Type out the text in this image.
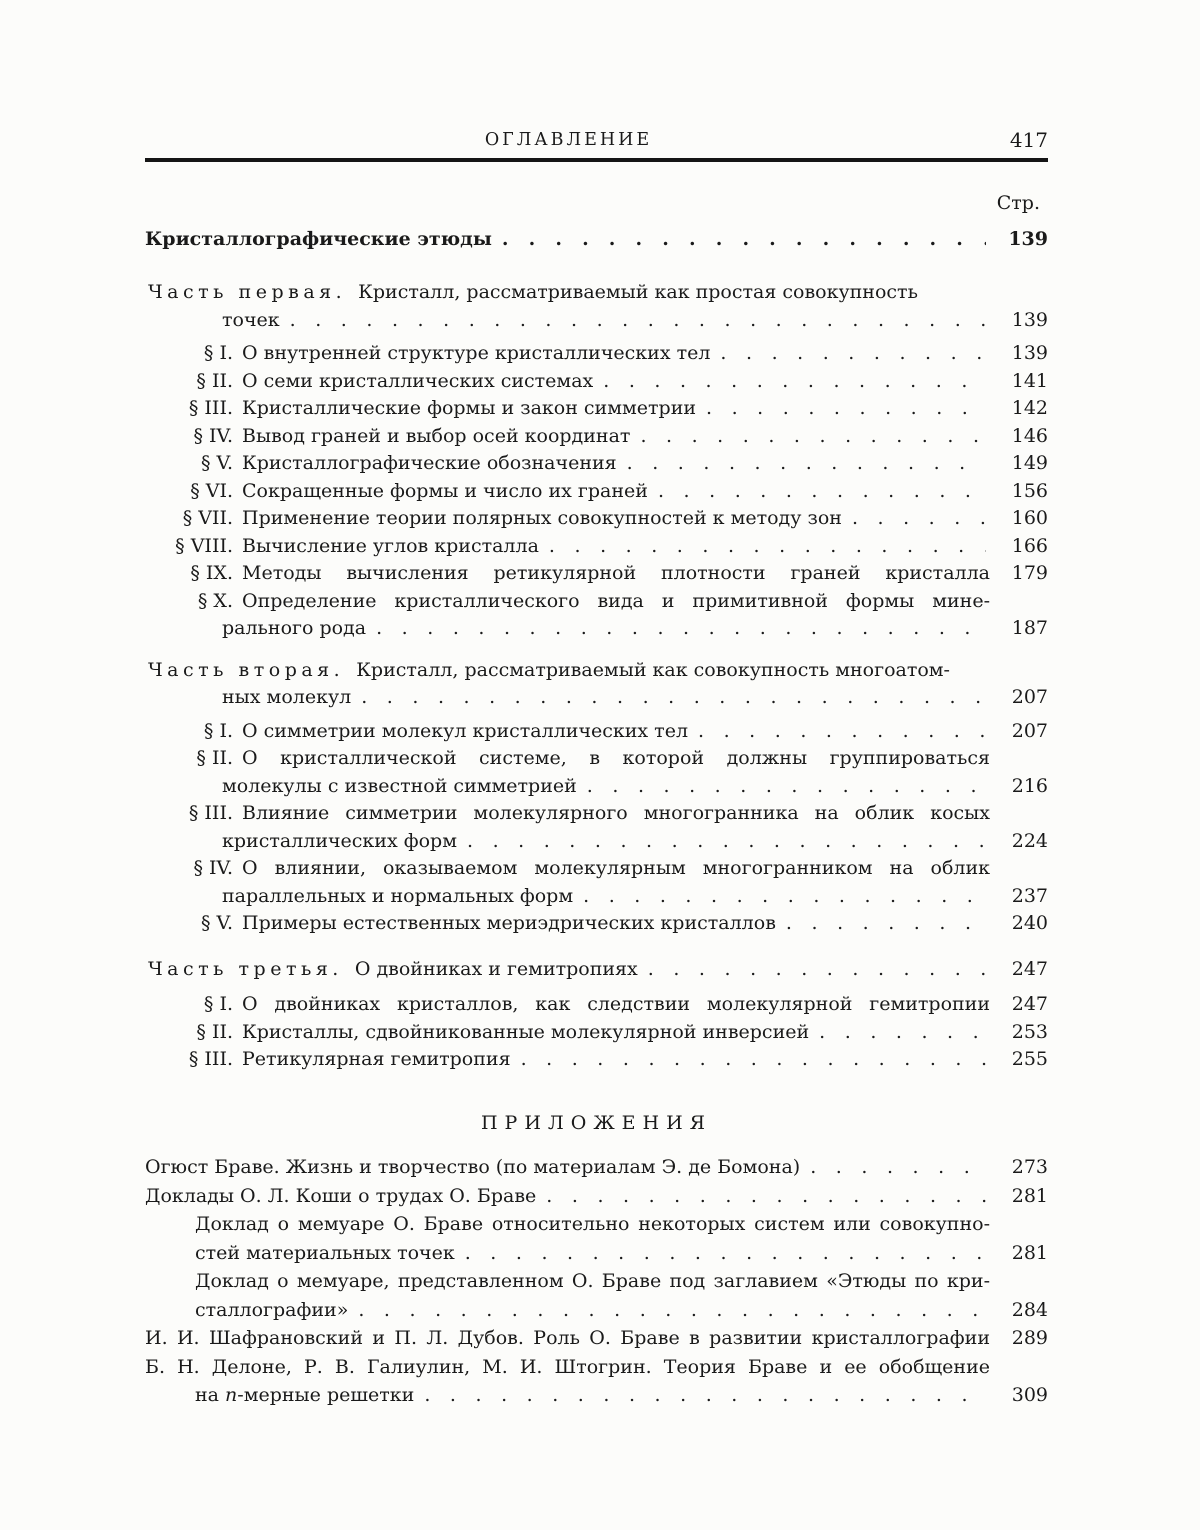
ОГЛАВЛЕНИЕ	417
Стр.
Кристаллографические этюды . . .	139
Часть первая. Кристалл, рассматриваемый как простая совокупность
точек . . .	139
§ I. О внутренней структуре кристаллических тел . . .	139
§ II. О семи кристаллических системах . . .	141
§ III. Кристаллические формы и закон симметрии . . .	142
§ IV. Вывод граней и выбор осей координат . . .	146
§ V. Кристаллографические обозначения . . .	149
§ VI. Сокращенные формы и число их граней . . .	156
§ VII. Применение теории полярных совокупностей к методу зон . . .	160
§ VIII. Вычисление углов кристалла . . .	166
§ IX. Методы вычисления ретикулярной плотности граней кристалла	179
§ X. Определение кристаллического вида и примитивной формы мине-
рального рода . . .	187
Часть вторая. Кристалл, рассматриваемый как совокупность многоатом-
ных молекул . . .	207
§ I. О симметрии молекул кристаллических тел . . .	207
§ II. О кристаллической системе, в которой должны группироваться
молекулы с известной симметрией . . .	216
§ III. Влияние симметрии молекулярного многогранника на облик косых
кристаллических форм . . .	224
§ IV. О влиянии, оказываемом молекулярным многогранником на облик
параллельных и нормальных форм . . .	237
§ V. Примеры естественных мериэдрических кристаллов . . .	240
Часть третья. О двойниках и гемитропиях . . .	247
§ I. О двойниках кристаллов, как следствии молекулярной гемитропии	247
§ II. Кристаллы, сдвойникованные молекулярной инверсией . . .	253
§ III. Ретикулярная гемитропия . . .	255
ПРИЛОЖЕНИЯ
Огюст Браве. Жизнь и творчество (по материалам Э. де Бомона) . . .	273
Доклады О. Л. Коши о трудах О. Браве . . .	281
Доклад о мемуаре О. Браве относительно некоторых систем или совокупно-
стей материальных точек . . .	281
Доклад о мемуаре, представленном О. Браве под заглавием «Этюды по кри-
сталлографии» . . .	284
И. И. Шафрановский и П. Л. Дубов. Роль О. Браве в развитии кристаллографии	289
Б. Н. Делоне, Р. В. Галиулин, М. И. Штогрин. Теория Браве и ее обобщение
на n-мерные решетки . . .	309
